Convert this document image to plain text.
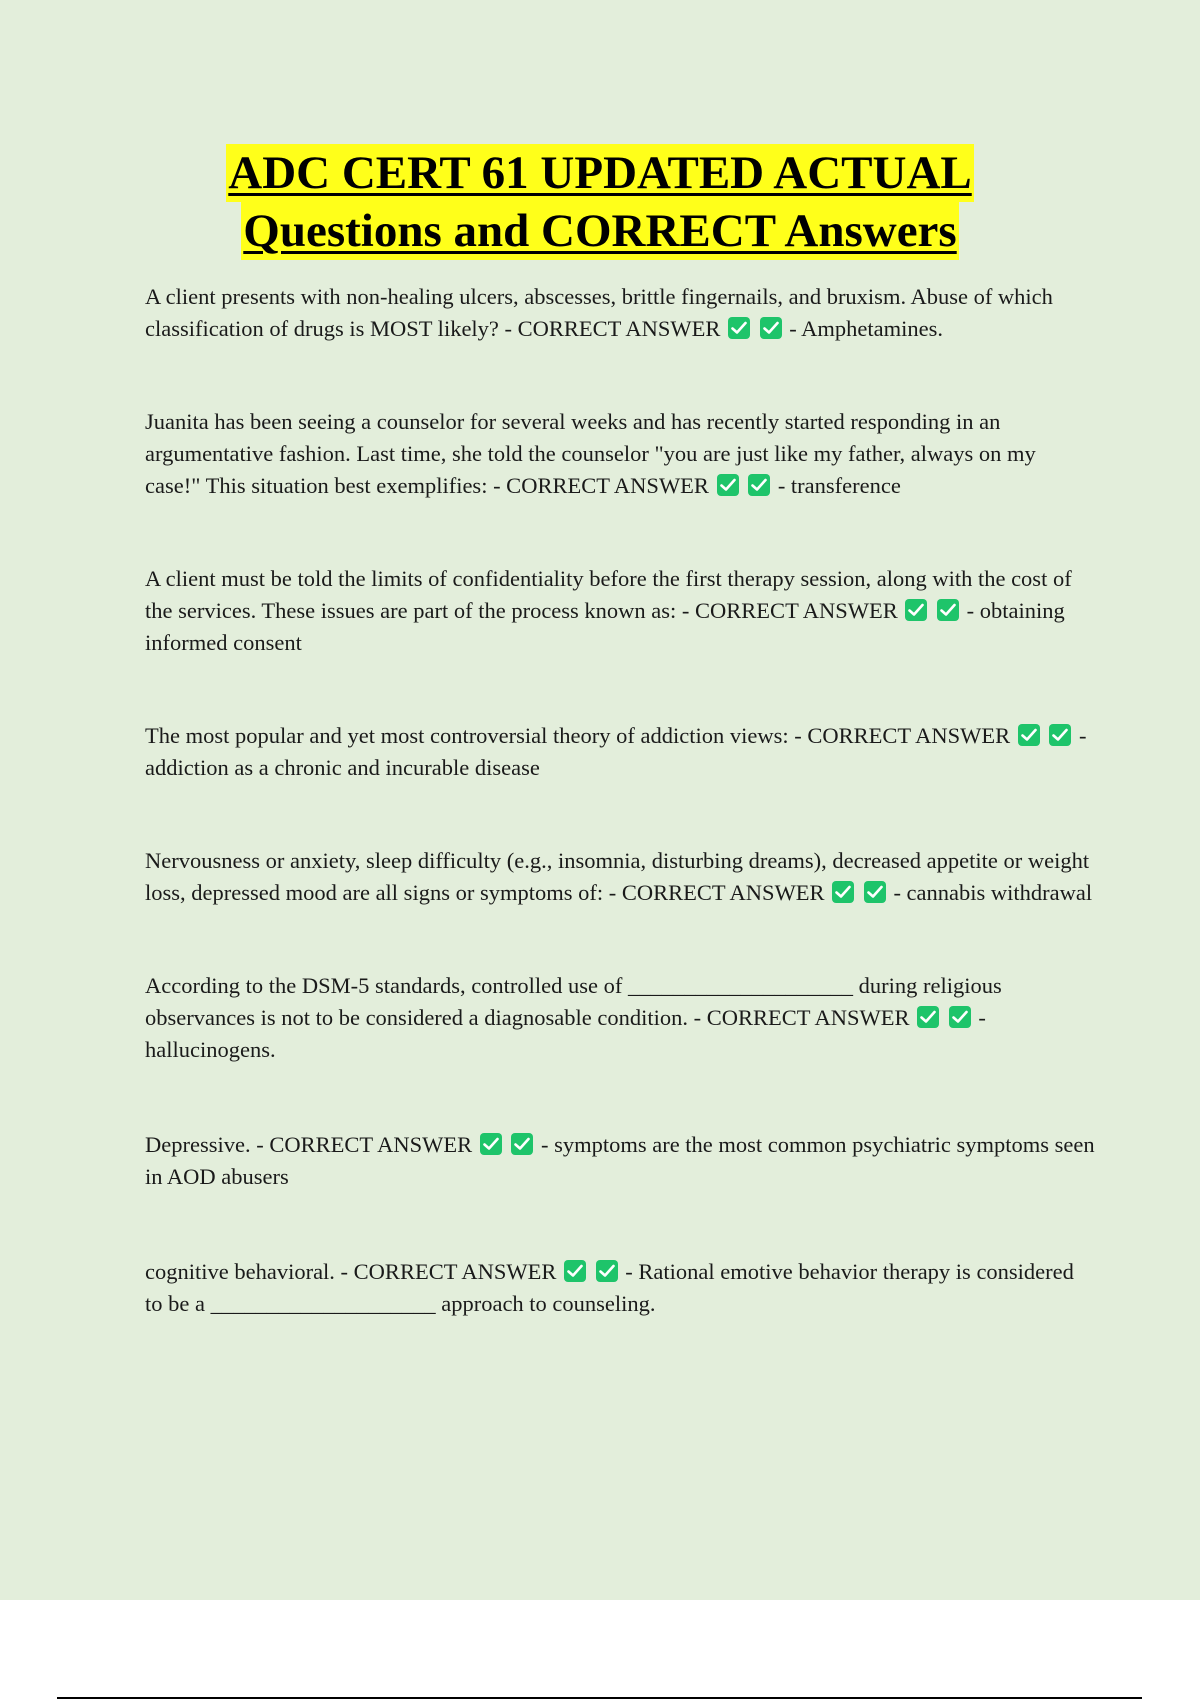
ADC CERT 61 UPDATED ACTUAL
Questions and CORRECT Answers

A client presents with non-healing ulcers, abscesses, brittle fingernails, and bruxism. Abuse of which classification of drugs is MOST likely? - CORRECT ANSWER
	- Amphetamines.

Juanita has been seeing a counselor for several weeks and has recently started responding in an argumentative fashion. Last time, she told the counselor "you are just like my father, always on my case!" This situation best exemplifies: - CORRECT ANSWER
	- transference

A client must be told the limits of confidentiality before the first therapy session, along with the cost of the services. These issues are part of the process known as: - CORRECT ANSWER
	- obtaining informed consent

The most popular and yet most controversial theory of addiction views: - CORRECT ANSWER
	- addiction as a chronic and incurable disease

Nervousness or anxiety, sleep difficulty (e.g., insomnia, disturbing dreams), decreased appetite or weight loss, depressed mood are all signs or symptoms of: - CORRECT ANSWER
	- cannabis withdrawal

According to the DSM-5 standards, controlled use of ____________________ during religious observances is not to be considered a diagnosable condition. - CORRECT ANSWER
	- hallucinogens.

Depressive. - CORRECT ANSWER
	- symptoms are the most common psychiatric symptoms seen in AOD abusers

cognitive behavioral. - CORRECT ANSWER
	- Rational emotive behavior therapy is considered to be a ____________________ approach to counseling.
